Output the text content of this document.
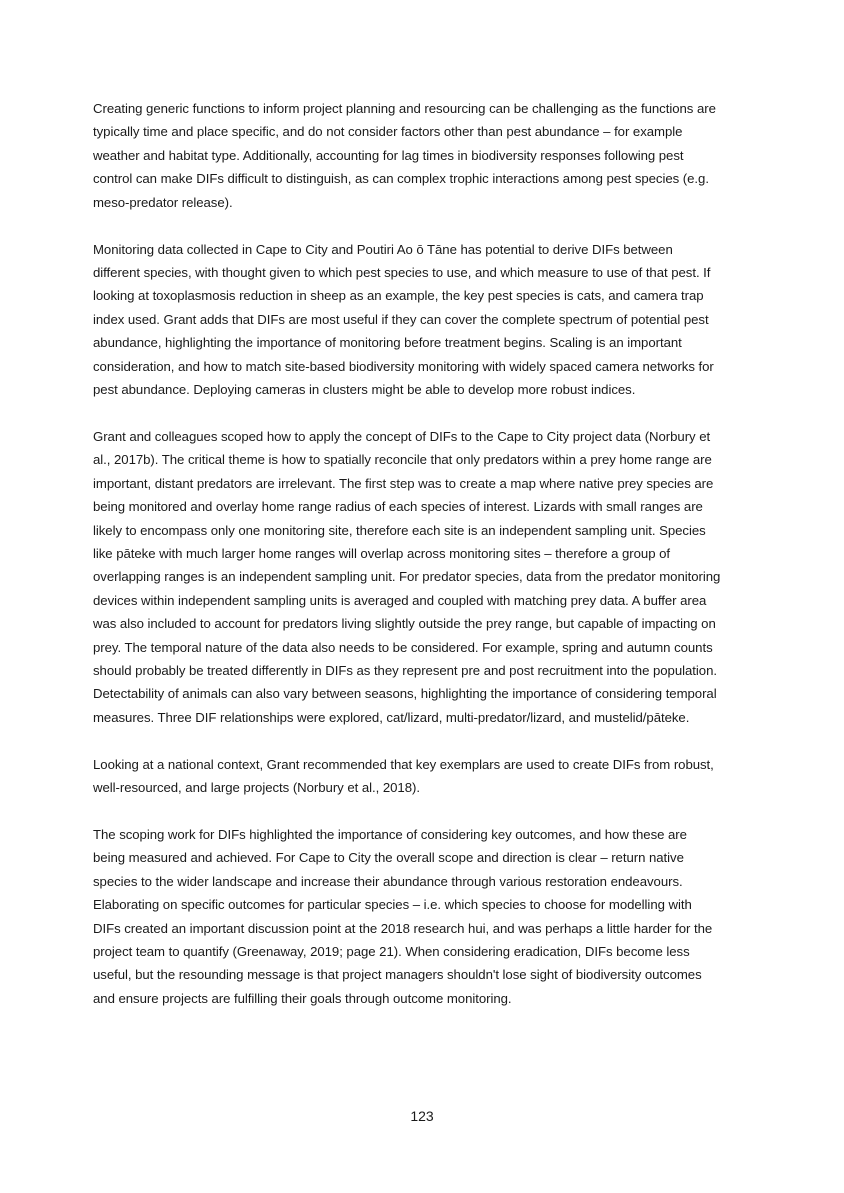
Creating generic functions to inform project planning and resourcing can be challenging as the functions are
typically time and place specific, and do not consider factors other than pest abundance – for example
weather and habitat type. Additionally, accounting for lag times in biodiversity responses following pest
control can make DIFs difficult to distinguish, as can complex trophic interactions among pest species (e.g.
meso-predator release).

Monitoring data collected in Cape to City and Poutiri Ao ō Tāne has potential to derive DIFs between
different species, with thought given to which pest species to use, and which measure to use of that pest. If
looking at toxoplasmosis reduction in sheep as an example, the key pest species is cats, and camera trap
index used. Grant adds that DIFs are most useful if they can cover the complete spectrum of potential pest
abundance, highlighting the importance of monitoring before treatment begins. Scaling is an important
consideration, and how to match site-based biodiversity monitoring with widely spaced camera networks for
pest abundance. Deploying cameras in clusters might be able to develop more robust indices.

Grant and colleagues scoped how to apply the concept of DIFs to the Cape to City project data (Norbury et
al., 2017b). The critical theme is how to spatially reconcile that only predators within a prey home range are
important, distant predators are irrelevant. The first step was to create a map where native prey species are
being monitored and overlay home range radius of each species of interest. Lizards with small ranges are
likely to encompass only one monitoring site, therefore each site is an independent sampling unit. Species
like pāteke with much larger home ranges will overlap across monitoring sites – therefore a group of
overlapping ranges is an independent sampling unit. For predator species, data from the predator monitoring
devices within independent sampling units is averaged and coupled with matching prey data. A buffer area
was also included to account for predators living slightly outside the prey range, but capable of impacting on
prey. The temporal nature of the data also needs to be considered. For example, spring and autumn counts
should probably be treated differently in DIFs as they represent pre and post recruitment into the population.
Detectability of animals can also vary between seasons, highlighting the importance of considering temporal
measures. Three DIF relationships were explored, cat/lizard, multi-predator/lizard, and mustelid/pāteke.

Looking at a national context, Grant recommended that key exemplars are used to create DIFs from robust,
well-resourced, and large projects (Norbury et al., 2018).

The scoping work for DIFs highlighted the importance of considering key outcomes, and how these are
being measured and achieved. For Cape to City the overall scope and direction is clear – return native
species to the wider landscape and increase their abundance through various restoration endeavours.
Elaborating on specific outcomes for particular species – i.e. which species to choose for modelling with
DIFs created an important discussion point at the 2018 research hui, and was perhaps a little harder for the
project team to quantify (Greenaway, 2019; page 21). When considering eradication, DIFs become less
useful, but the resounding message is that project managers shouldn't lose sight of biodiversity outcomes
and ensure projects are fulfilling their goals through outcome monitoring.

123
